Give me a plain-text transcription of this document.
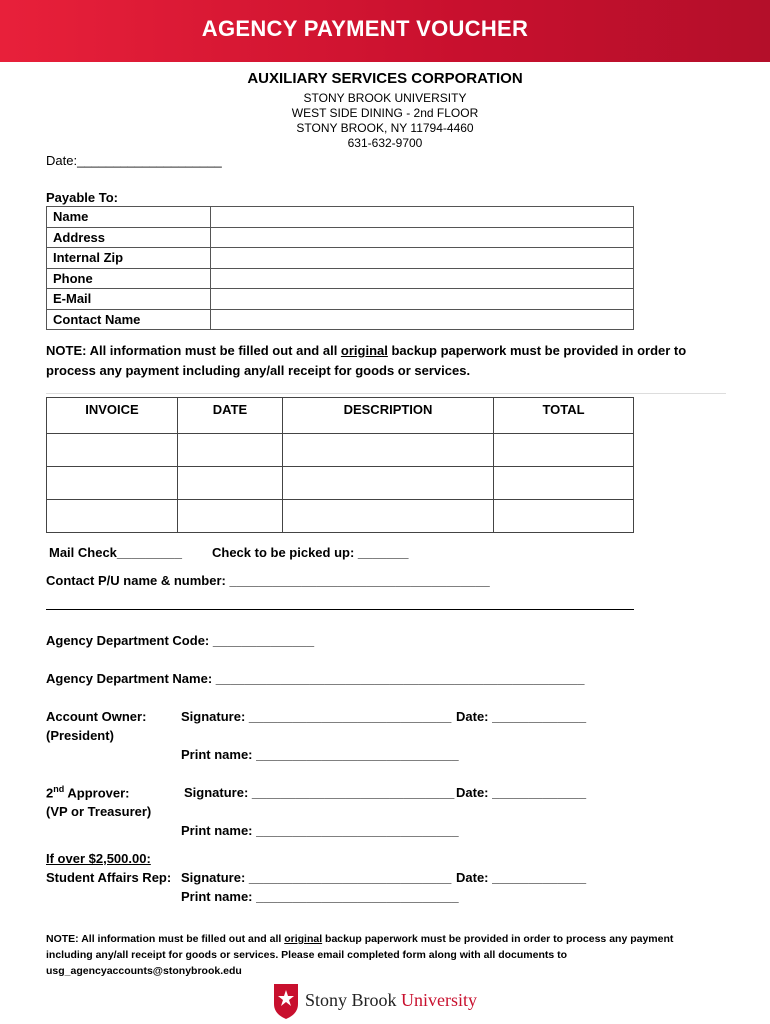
AGENCY PAYMENT VOUCHER
AUXILIARY SERVICES CORPORATION
STONY BROOK UNIVERSITY
WEST SIDE DINING - 2nd FLOOR
STONY BROOK, NY 11794-4460
631-632-9700
Date:____________________
Payable To:
Name	
Address	
Internal Zip	
Phone	
E-Mail	
Contact Name	
NOTE: All information must be filled out and all original backup paperwork must be provided in order to process any payment including any/all receipt for goods or services.
INVOICE	DATE	DESCRIPTION	TOTAL

Mail Check_________ Check to be picked up: _______
Contact P/U name & number: ____________________________________
Agency Department Code: ______________
Agency Department Name: ___________________________________________________
Account Owner:
(President)
Signature: ____________________________ Date: _____________
Print name: ____________________________
2nd Approver:
(VP or Treasurer)
Signature: ____________________________ Date: _____________
Print name: ____________________________
If over $2,500.00:
Student Affairs Rep: Signature: ____________________________ Date: _____________
Print name: ____________________________
NOTE: All information must be filled out and all original backup paperwork must be provided in order to process any payment including any/all receipt for goods or services. Please email completed form along with all documents to usg_agencyaccounts@stonybrook.edu
Stony Brook University
